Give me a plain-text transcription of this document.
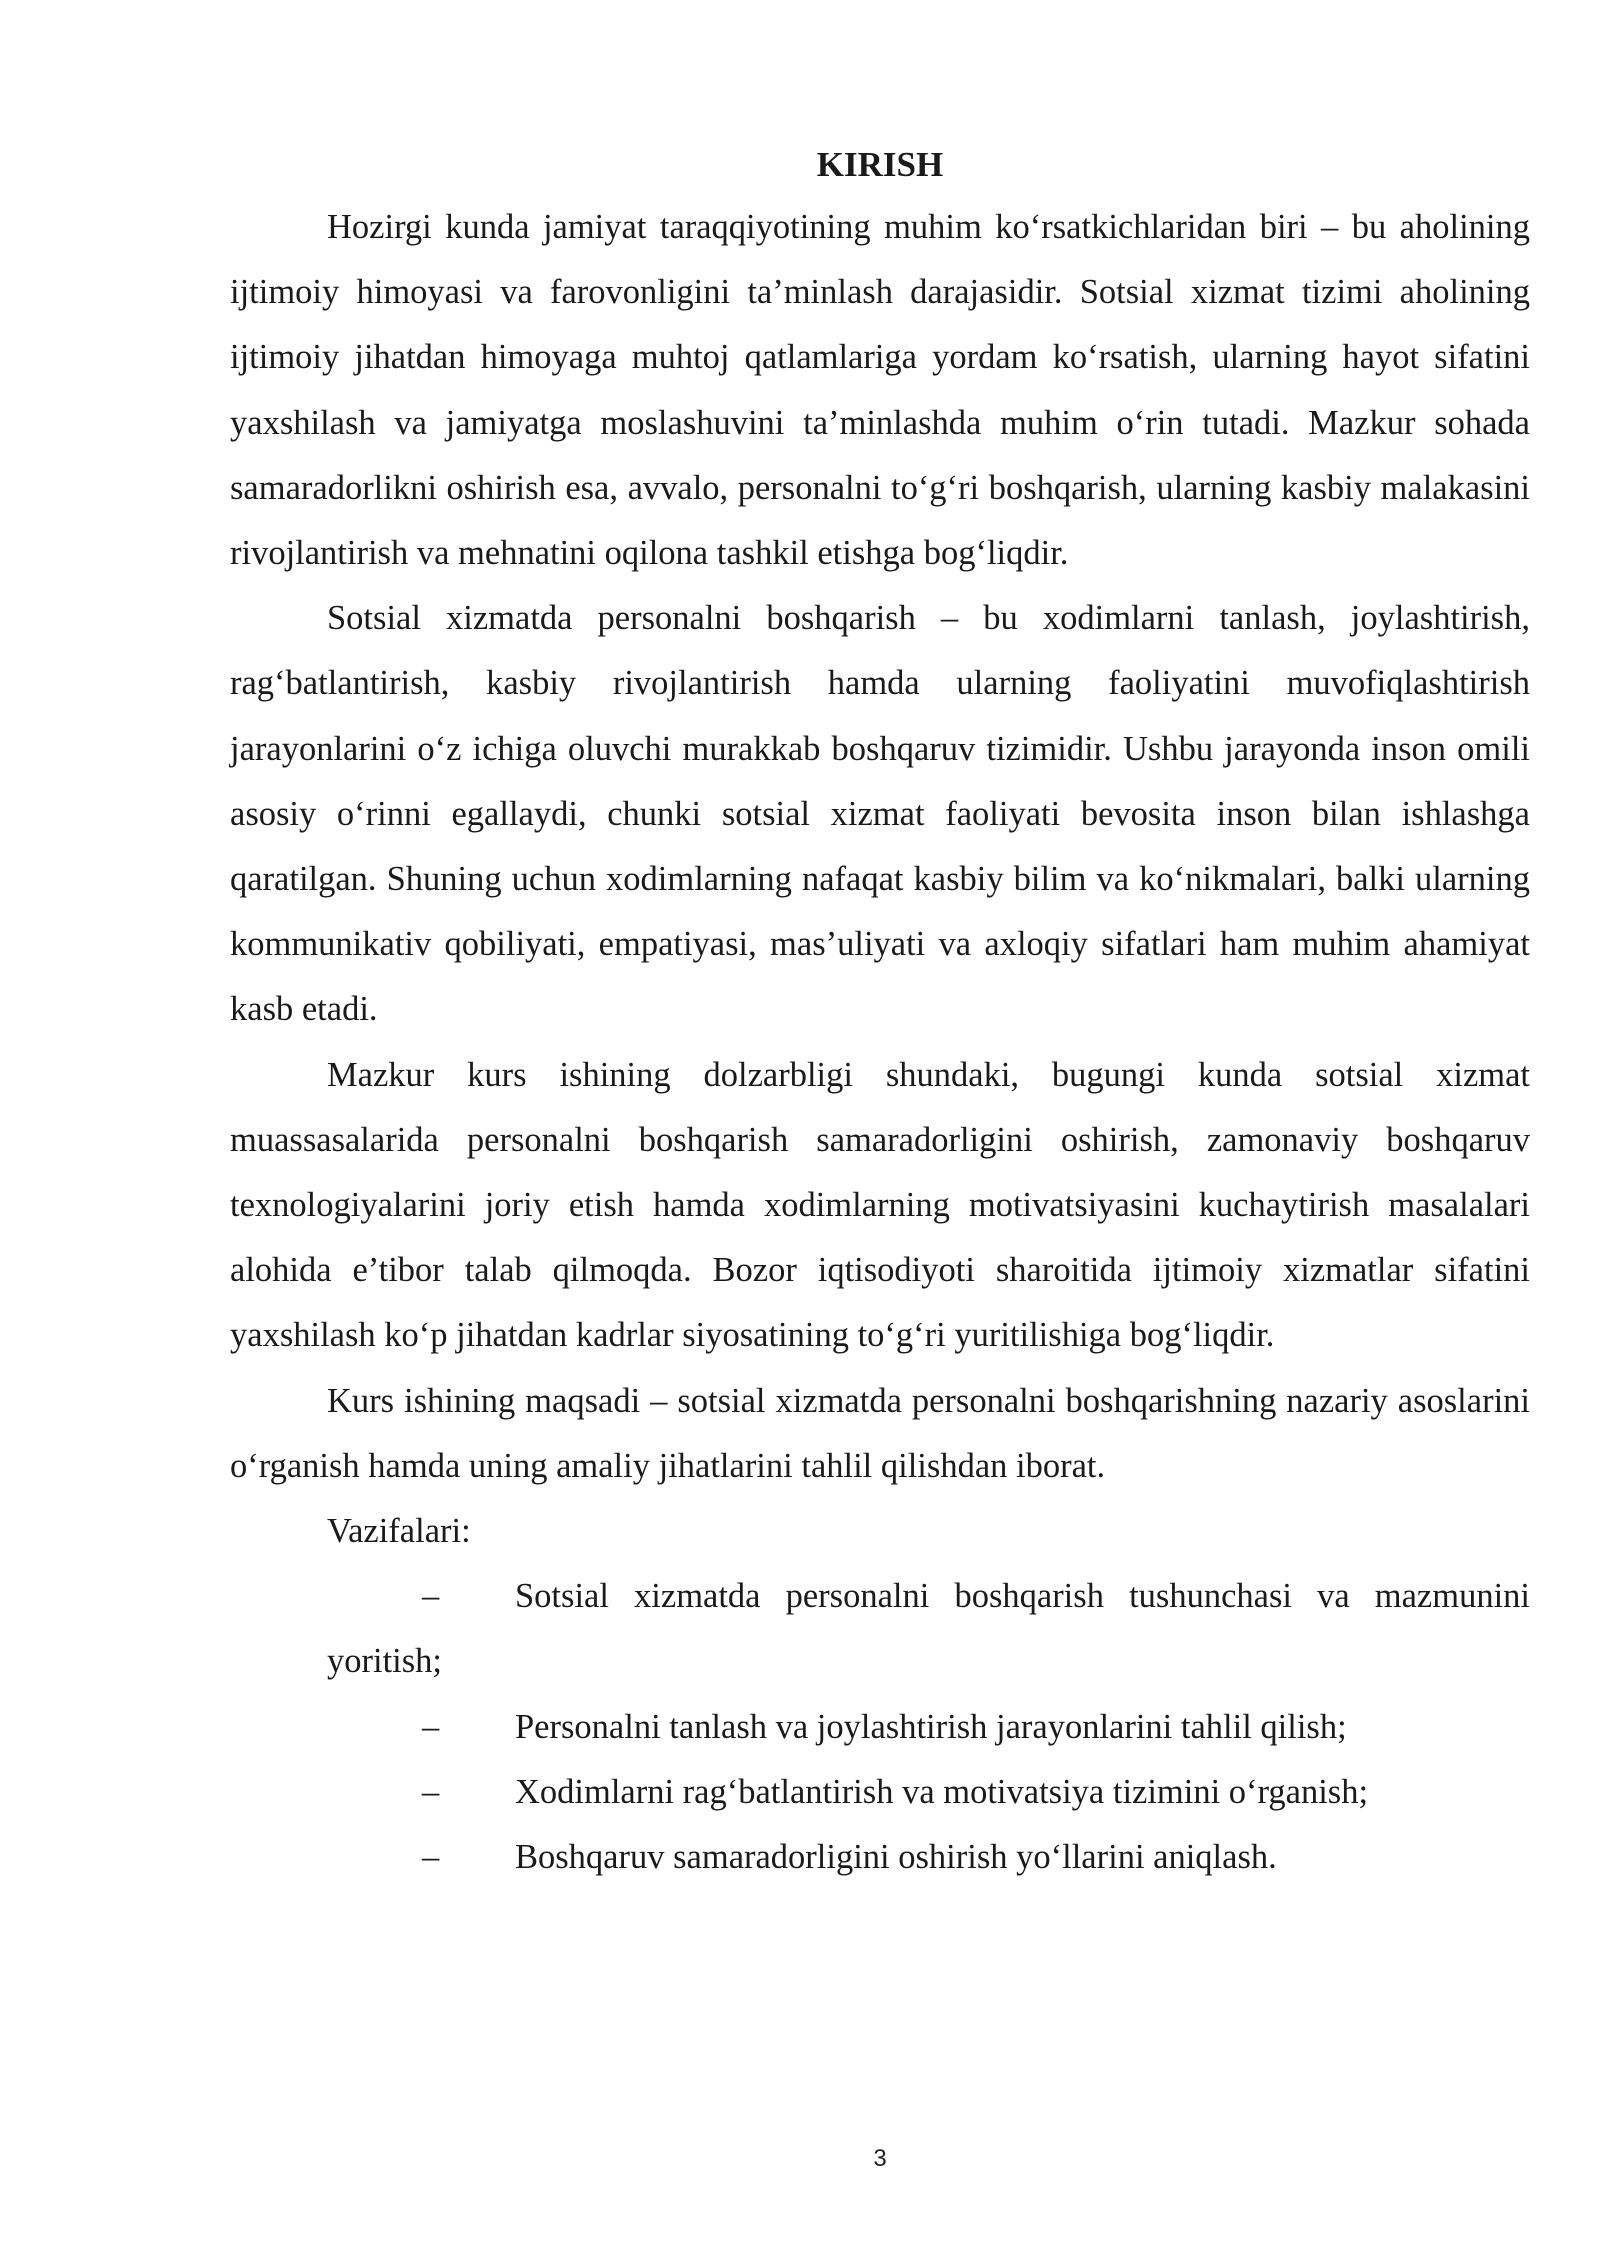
KIRISH

Hozirgi kunda jamiyat taraqqiyotining muhim koʻrsatkichlaridan biri – bu aholining ijtimoiy himoyasi va farovonligini ta’minlash darajasidir. Sotsial xizmat tizimi aholining ijtimoiy jihatdan himoyaga muhtoj qatlamlariga yordam koʻrsatish, ularning hayot sifatini yaxshilash va jamiyatga moslashuvini ta’minlashda muhim oʻrin tutadi. Mazkur sohada samaradorlikni oshirish esa, avvalo, personalni toʻgʻri boshqarish, ularning kasbiy malakasini rivojlantirish va mehnatini oqilona tashkil etishga bogʻliqdir.

Sotsial xizmatda personalni boshqarish – bu xodimlarni tanlash, joylashtirish, ragʻbatlantirish, kasbiy rivojlantirish hamda ularning faoliyatini muvofiqlashtirish jarayonlarini oʻz ichiga oluvchi murakkab boshqaruv tizimidir. Ushbu jarayonda inson omili asosiy oʻrinni egallaydi, chunki sotsial xizmat faoliyati bevosita inson bilan ishlashga qaratilgan. Shuning uchun xodimlarning nafaqat kasbiy bilim va koʻnikmalari, balki ularning kommunikativ qobiliyati, empatiyasi, mas’uliyati va axloqiy sifatlari ham muhim ahamiyat kasb etadi.

Mazkur kurs ishining dolzarbligi shundaki, bugungi kunda sotsial xizmat muassasalarida personalni boshqarish samaradorligini oshirish, zamonaviy boshqaruv texnologiyalarini joriy etish hamda xodimlarning motivatsiyasini kuchaytirish masalalari alohida e’tibor talab qilmoqda. Bozor iqtisodiyoti sharoitida ijtimoiy xizmatlar sifatini yaxshilash koʻp jihatdan kadrlar siyosatining toʻgʻri yuritilishiga bogʻliqdir.

Kurs ishining maqsadi – sotsial xizmatda personalni boshqarishning nazariy asoslarini oʻrganish hamda uning amaliy jihatlarini tahlil qilishdan iborat.

Vazifalari:

– Sotsial xizmatda personalni boshqarish tushunchasi va mazmunini yoritish;
– Personalni tanlash va joylashtirish jarayonlarini tahlil qilish;
– Xodimlarni ragʻbatlantirish va motivatsiya tizimini oʻrganish;
– Boshqaruv samaradorligini oshirish yoʻllarini aniqlash.
3
